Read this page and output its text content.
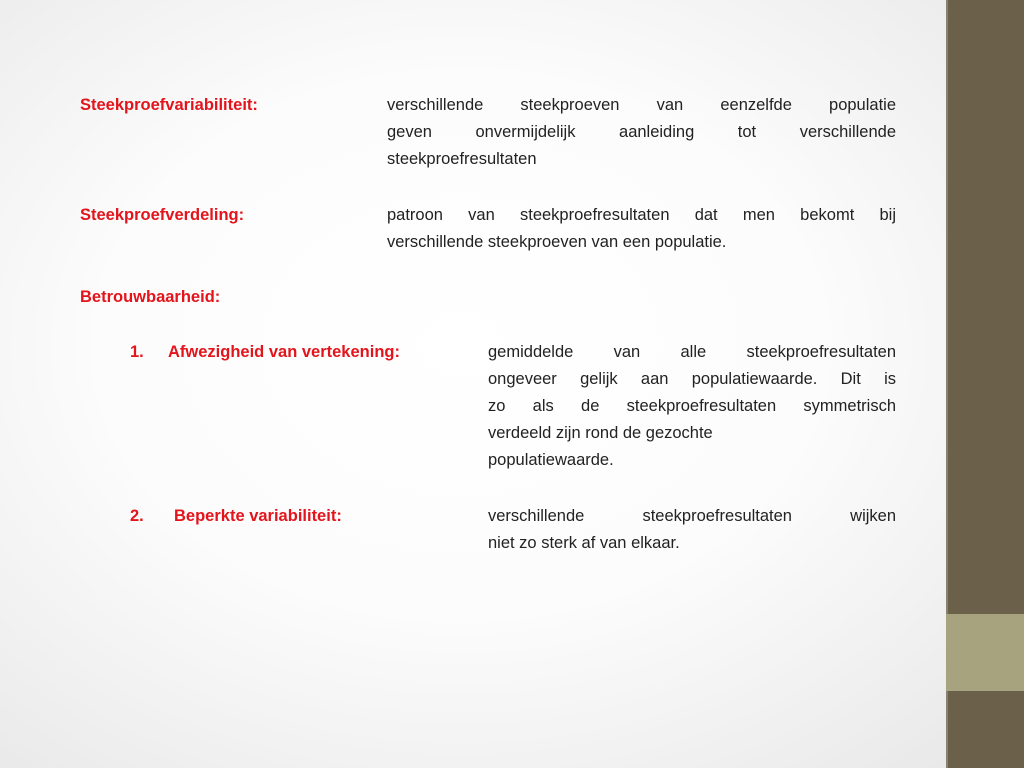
Steekproefvariabiliteit:	verschillende steekproeven van eenzelfde populatie
geven onvermijdelijk aanleiding tot verschillende
steekproefresultaten
Steekproefverdeling:	patroon van steekproefresultaten dat men bekomt bij
verschillende steekproeven van een populatie.
Betrouwbaarheid:
1. Afwezigheid van vertekening:	gemiddelde van alle steekproefresultaten
ongeveer gelijk aan populatiewaarde. Dit is
zo als de steekproefresultaten symmetrisch
verdeeld zijn rond de gezochte
populatiewaarde.
2. Beperkte variabiliteit:	verschillende steekproefresultaten wijken
niet zo sterk af van elkaar.
